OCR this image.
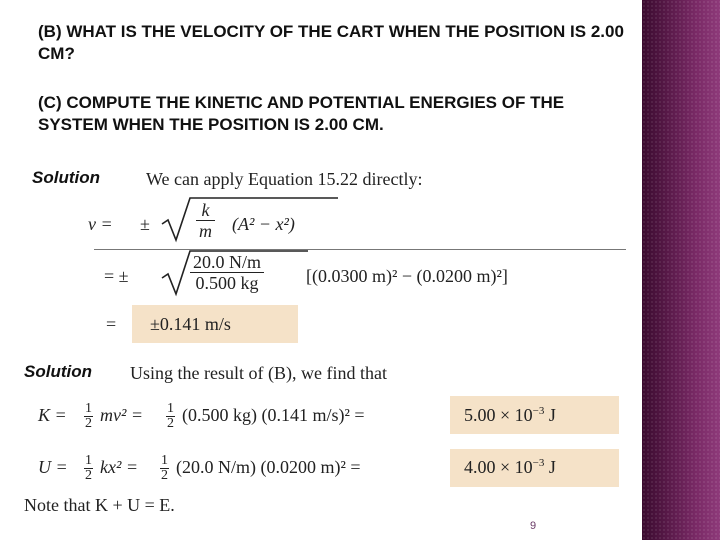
(B) WHAT IS THE VELOCITY OF THE CART WHEN THE POSITION IS 2.00 CM?
(C) COMPUTE THE KINETIC AND POTENTIAL ENERGIES OF THE SYSTEM WHEN THE POSITION IS 2.00 CM.
Solution	We can apply Equation 15.22 directly:
v = ±	$\frac{k}{m} (A^2 - x^2)$
= ±	$\frac{20.0 N/m}{0.500 kg} [(0.0300$ m)² − (0.0200 m)²]
= ±0.141 m/s
Solution Using the result of (B), we find that
$K = \frac{1}{2} mv^2 = \frac{1}{2} (0.500$ kg) (0.141 m/s)² =	$5.00 \times 10^{-3}$ J
$U = \frac{1}{2} kx^2 = \frac{1}{2} (20.0$ N/m) (0.0200 m)² =	$4.00 \times 10^{-3}$ J
Note that K + U = E.
9
